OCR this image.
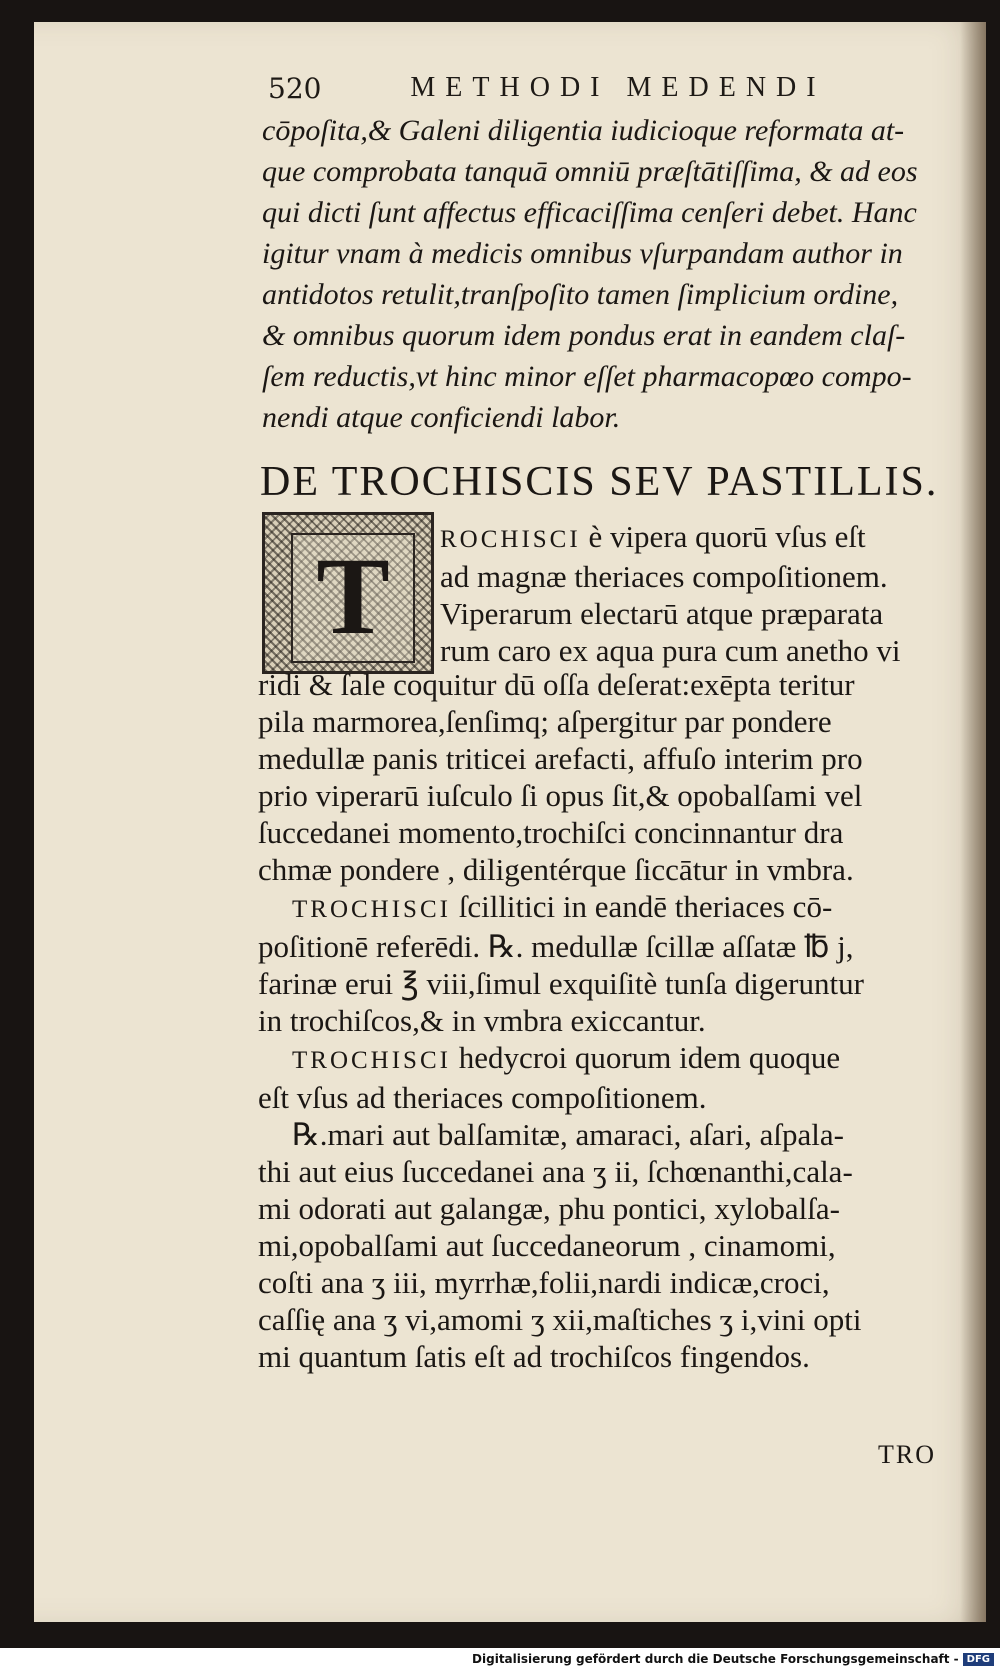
520	METHODI MEDENDI
cōpoſita,& Galeni diligentia iudicioque reformata at-
que comprobata tanquā omniū præſtātiſſima, & ad eos
qui dicti ſunt affectus efficaciſſima cenſeri debet. Hanc
igitur vnam à medicis omnibus vſurpandam author in
antidotos retulit,tranſpoſito tamen ſimplicium ordine,
& omnibus quorum idem pondus erat in eandem claſ-
ſem reductis,vt hinc minor eſſet pharmacopœo compo-
nendi atque conficiendi labor.
DE TROCHISCIS SEV PASTILLIS.
T	ROCHISCI è vipera quorū vſus eſt
ad magnæ theriaces compoſitionem.
Viperarum electarū atque præparata
rum caro ex aqua pura cum anetho vi
ridi & ſale coquitur dū oſſa deſerat:exēpta teritur
pila marmorea,ſenſimq; aſpergitur par pondere
medullæ panis triticei arefacti, affuſo interim pro
prio viperarū iuſculo ſi opus ſit,& opobalſami vel
ſuccedanei momento,trochiſci concinnantur dra
chmæ pondere , diligentérque ſiccātur in vmbra.
TROCHISCI ſcillitici in eandē theriaces cō-
poſitionē referēdi. ℞. medullæ ſcillæ aſſatæ ℔ j,
farinæ erui ℥ viii,ſimul exquiſitè tunſa digeruntur
in trochiſcos,& in vmbra exiccantur.
TROCHISCI hedycroi quorum idem quoque
eſt vſus ad theriaces compoſitionem.
℞.mari aut balſamitæ, amaraci, aſari, aſpala-
thi aut eius ſuccedanei ana ʒ ii, ſchœnanthi,cala-
mi odorati aut galangæ, phu pontici, xylobalſa-
mi,opobalſami aut ſuccedaneorum , cinamomi,
coſti ana ʒ iii, myrrhæ,folii,nardi indicæ,croci,
caſſię ana ʒ vi,amomi ʒ xii,maſtiches ʒ i,vini opti
mi quantum ſatis eſt ad trochiſcos fingendos.
TRO
Digitalisierung gefördert durch die Deutsche Forschungsgemeinschaft - DFG
